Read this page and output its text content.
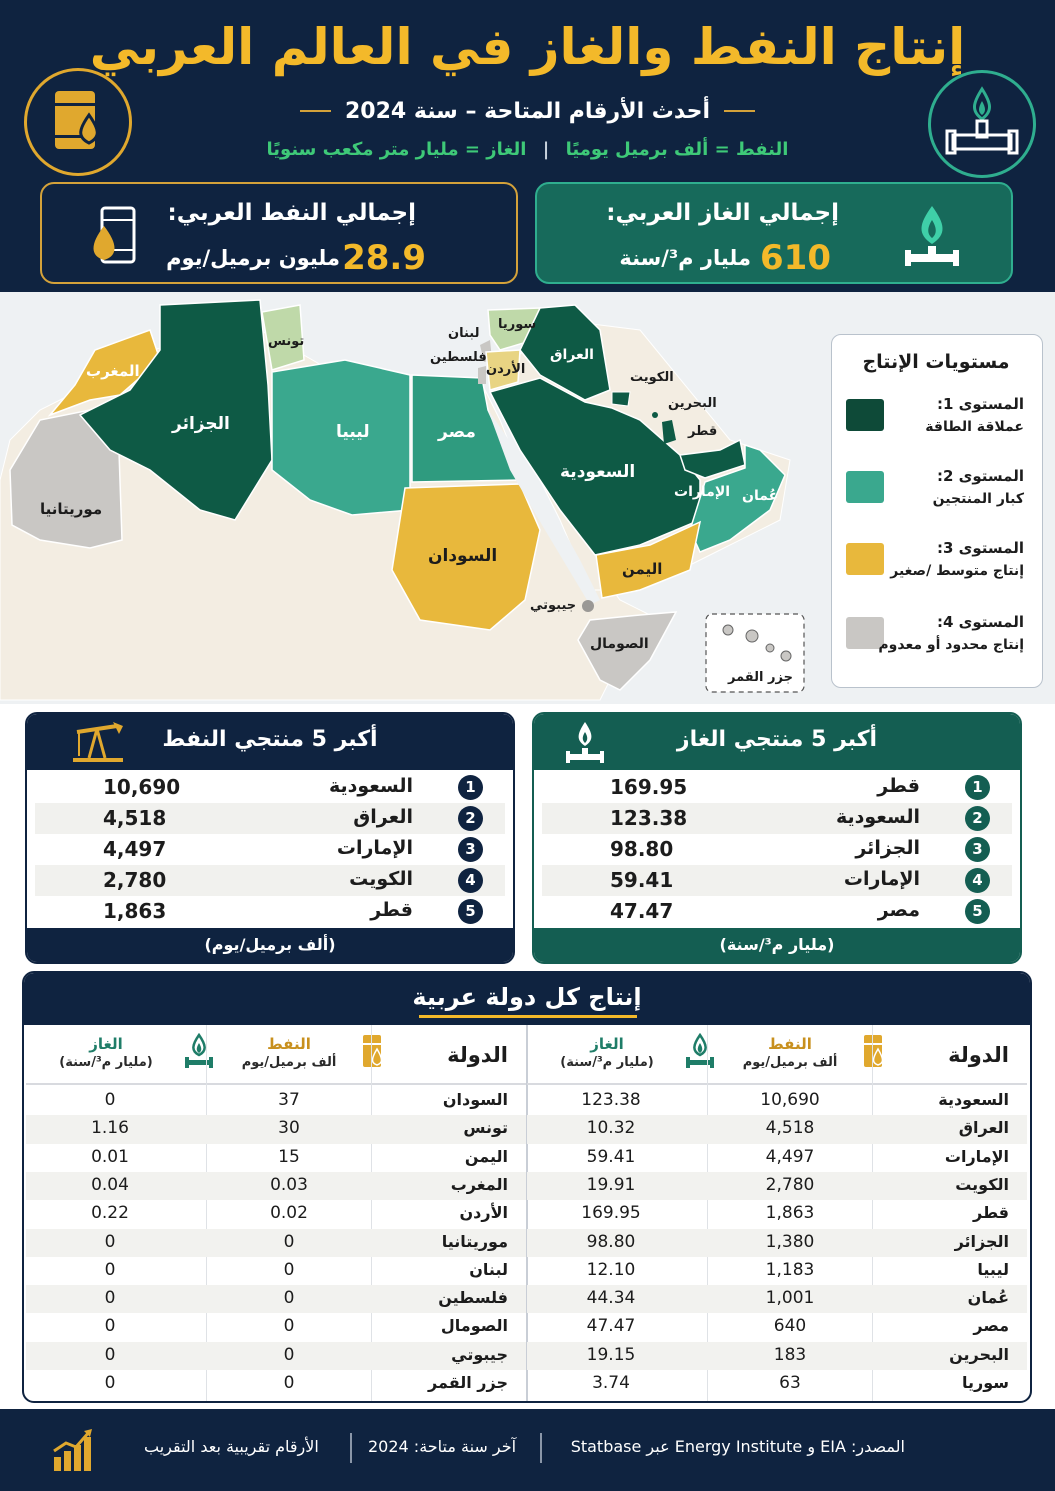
إنتاج النفط والغاز في العالم العربي
أحدث الأرقام المتاحة – سنة 2024
النفط = ألف برميل يوميًا | الغاز = مليار متر مكعب سنويًا
إجمالي النفط العربي:
28.9
مليون برميل/يوم
إجمالي الغاز العربي:
610
مليار م³/سنة
المغرب
الجزائر
تونس
ليبيا	مصر
موريتانيا
السودان
لبنان
فلسطين
سوريا
الأردن
العراق
الكويت
البحرين
قطر
السعودية
الإمارات عُمان
اليمن
جيبوتي
الصومال
جزر القمر
مستويات الإنتاج
المستوى 1:
عملاقة الطاقة
المستوى 2:
كبار المنتجين
المستوى 3:
إنتاج متوسط /صغير
المستوى 4:
إنتاج محدود أو معدوم
أكبر 5 منتجي النفط
1
السعودية
10,690
2
العراق
4,518
3
الإمارات
4,497
4
الكويت
2,780
5
قطر
1,863
(ألف برميل/يوم)
أكبر 5 منتجي الغاز
1
قطر
169.95
2
السعودية
123.38
3
الجزائر
98.80
4
الإمارات
59.41
5
مصر
47.47
(مليار م³/سنة)
إنتاج كل دولة عربية
الدولة
النفط
ألف برميل/يوم
الغاز
(مليار م³/سنة)
السعودية
10,690
123.38
العراق
4,518
10.32
الإمارات
4,497
59.41
الكويت
2,780
19.91
قطر
1,863
169.95
الجزائر
1,380
98.80
ليبيا
1,183
12.10
عُمان
1,001
44.34
مصر
640
47.47
البحرين
183
19.15
سوريا
63
3.74
الدولة
النفط
ألف برميل/يوم
الغاز
(مليار م³/سنة)
السودان
37
0
تونس
30
1.16
اليمن
15
0.01
المغرب
0.03
0.04
الأردن
0.02
0.22
موريتانيا
0
0
لبنان
0
0
فلسطين
0
0
الصومال
0
0
جيبوتي
0
0
جزر القمر
0
0
المصدر: EIA و Energy Institute عبر Statbase
آخر سنة متاحة: 2024
الأرقام تقريبية بعد التقريب
